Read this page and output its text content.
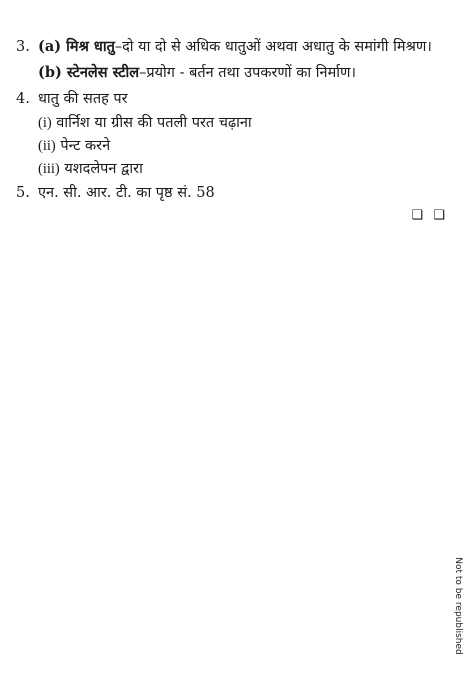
3. (a) मिश्र धातु–दो या दो से अधिक धातुओं अथवा अधातु के समांगी मिश्रण।
(b) स्टेनलेस स्टील–प्रयोग - बर्तन तथा उपकरणों का निर्माण।
4. धातु की सतह पर
(i) वार्निश या ग्रीस की पतली परत चढ़ाना
(ii) पेन्ट करने
(iii) यशदलेपन द्वारा
5. एन. सी. आर. टी. का पृष्ठ सं. 58
❑ ❑
Not to be republished
